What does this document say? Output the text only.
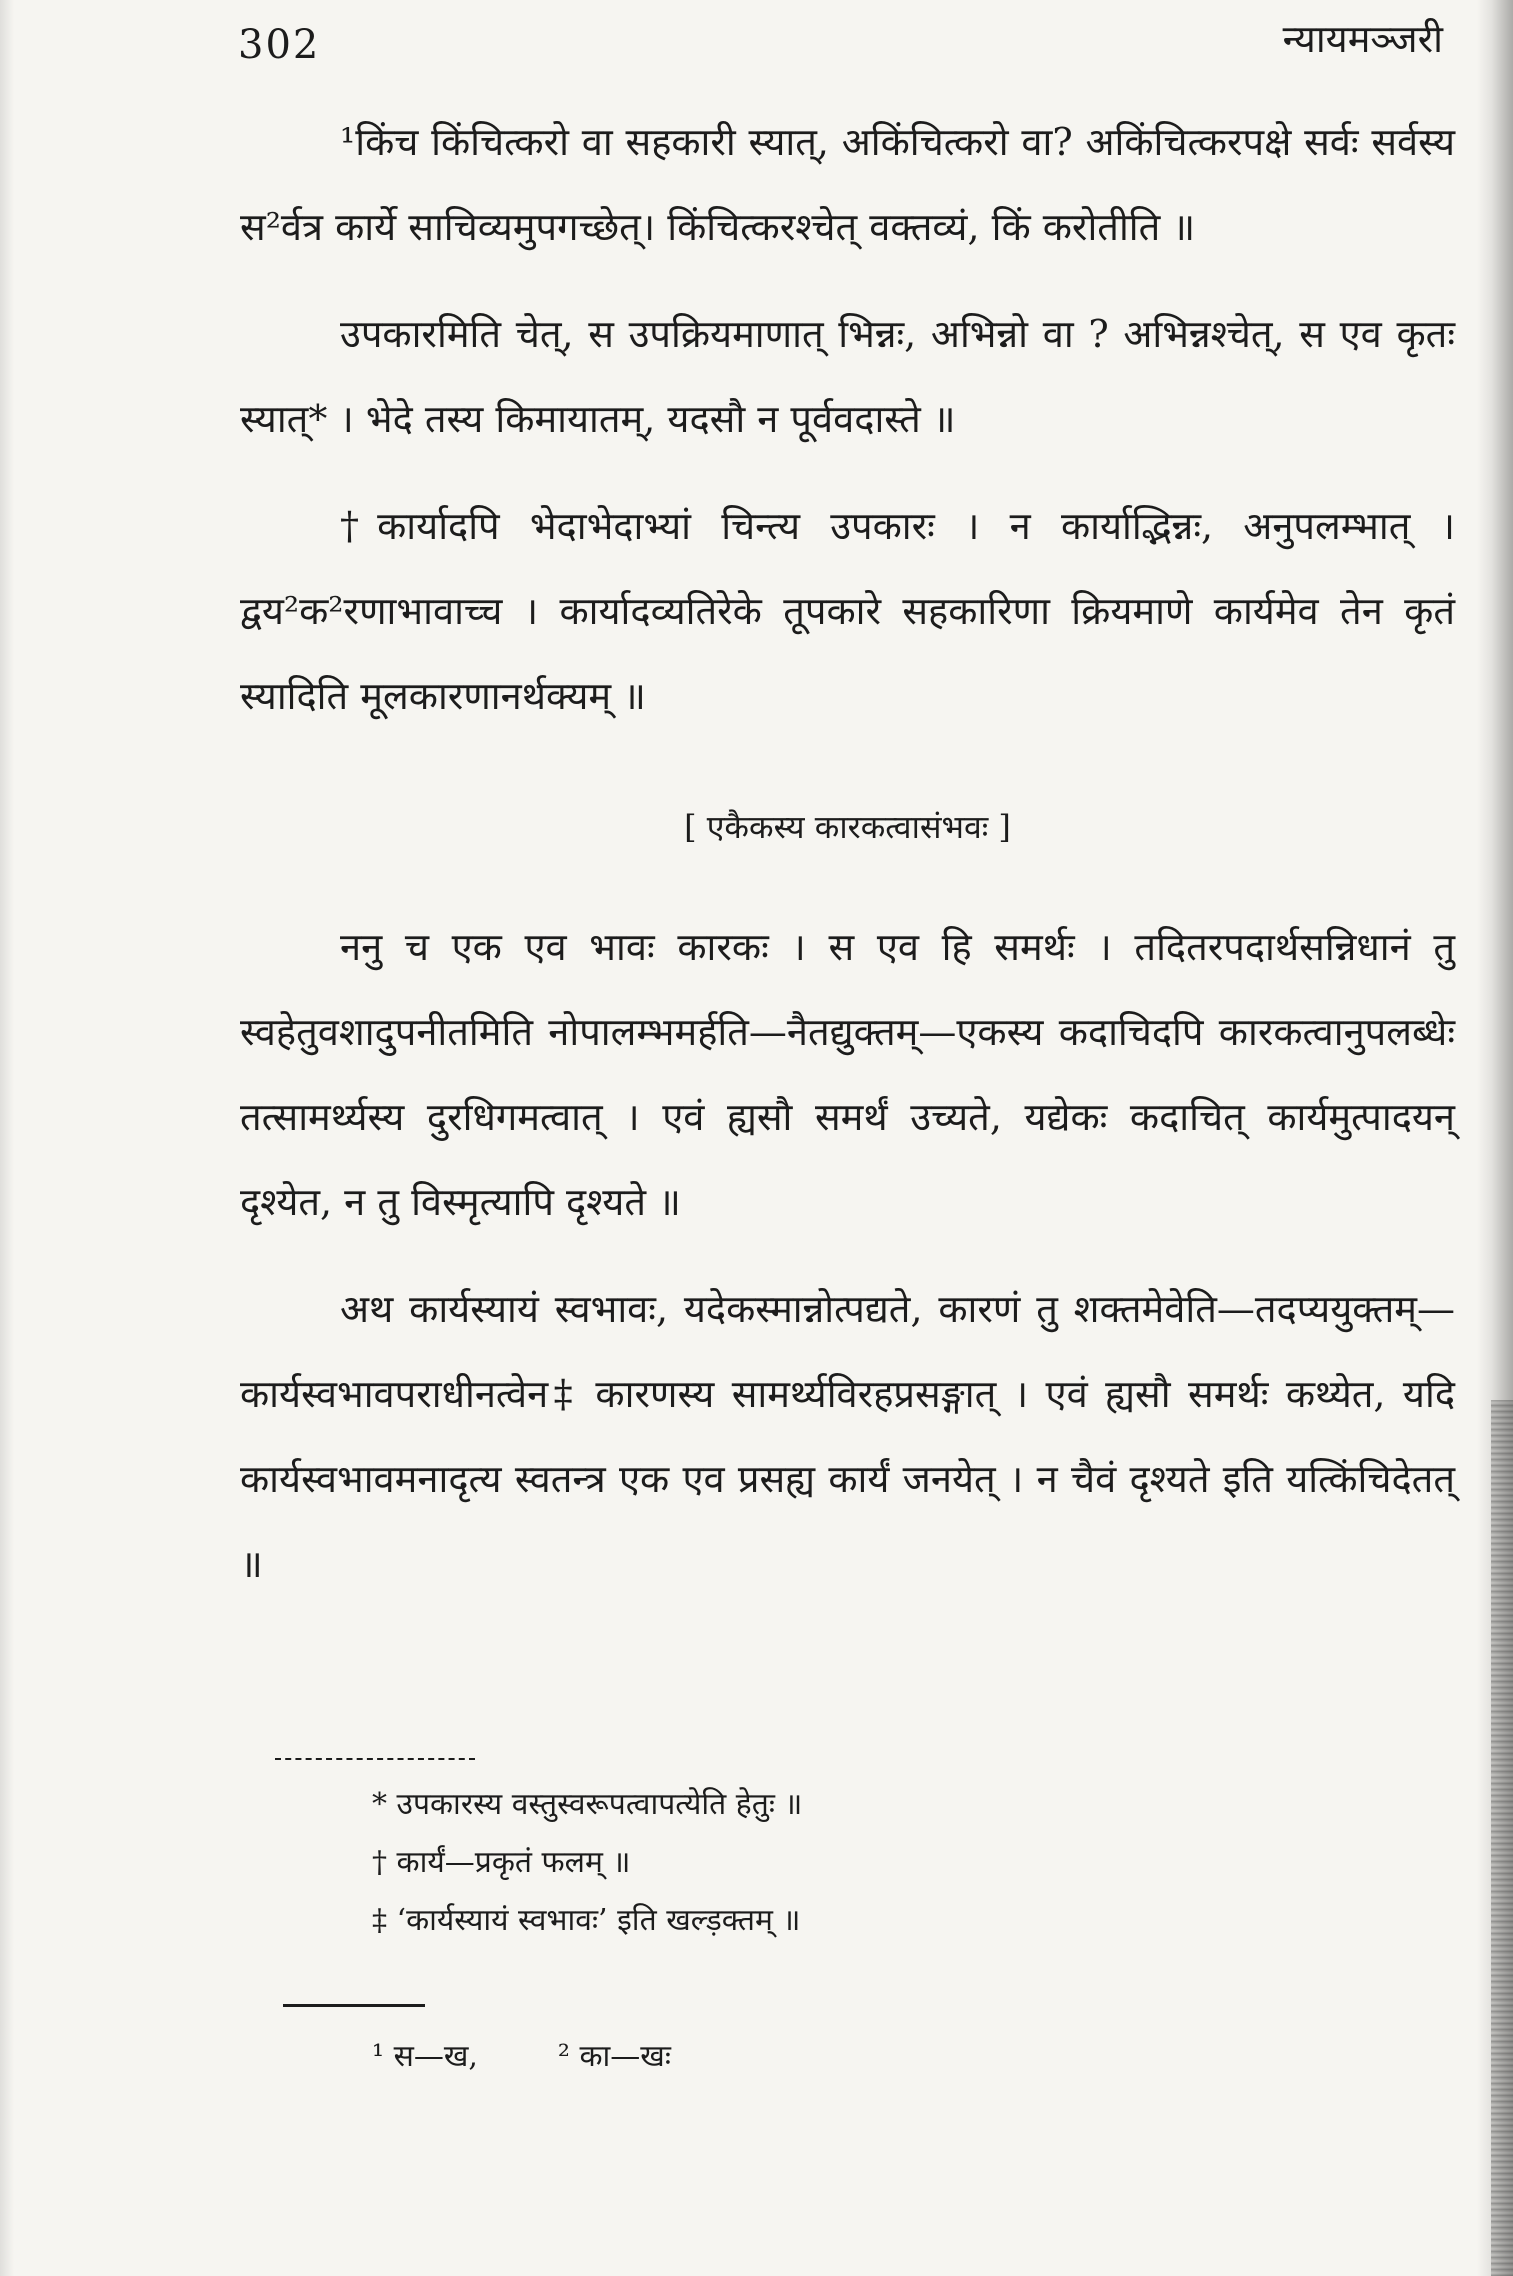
302	न्यायमञ्जरी

¹किंच किंचित्करो वा सहकारी स्यात्, अकिंचित्करो वा? अकिंचित्करपक्षे सर्वः सर्वस्य स²र्वत्र कार्ये साचिव्यमुपगच्छेत्। किंचित्करश्चेत् वक्तव्यं, किं करोतीति ॥

उपकारमिति चेत्, स उपक्रियमाणात् भिन्नः, अभिन्नो वा ? अभिन्नश्चेत्, स एव कृतः स्यात्* । भेदे तस्य किमायातम्, यदसौ न पूर्ववदास्ते ॥

†कार्यादपि भेदाभेदाभ्यां चिन्त्य उपकारः । न कार्याद्भिन्नः, अनुपलम्भात् । द्वय²क²रणाभावाच्च । कार्यादव्यतिरेके तूपकारे सहकारिणा क्रियमाणे कार्यमेव तेन कृतं स्यादिति मूलकारणानर्थक्यम् ॥

[ एकैकस्य कारकत्वासंभवः ]

ननु च एक एव भावः कारकः । स एव हि समर्थः । तदितरपदार्थसन्निधानं तु स्वहेतुवशादुपनीतमिति नोपालम्भमर्हति—नैतद्युक्तम्—एकस्य कदाचिदपि कारकत्वानुपलब्धेः तत्सामर्थ्यस्य दुरधिगमत्वात् । एवं ह्यसौ समर्थं उच्यते, यद्येकः कदाचित् कार्यमुत्पादयन् दृश्येत, न तु विस्मृत्यापि दृश्यते ॥

अथ कार्यस्यायं स्वभावः, यदेकस्मान्नोत्पद्यते, कारणं तु शक्तमेवेति—तदप्ययुक्तम्—कार्यस्वभावपराधीनत्वेन‡ कारणस्य सामर्थ्यविरहप्रसङ्गात् । एवं ह्यसौ समर्थः कथ्येत, यदि कार्यस्वभावमनादृत्य स्वतन्त्र एक एव प्रसह्य कार्यं जनयेत् । न चैवं दृश्यते इति यत्किंचिदेतत् ॥

* उपकारस्य वस्तुस्वरूपत्वापत्येति हेतुः ॥

† कार्यं—प्रकृतं फलम् ॥

‡ ‘कार्यस्यायं स्वभावः’ इति खल्ड़क्तम् ॥

¹ स—ख,	² का—खः
